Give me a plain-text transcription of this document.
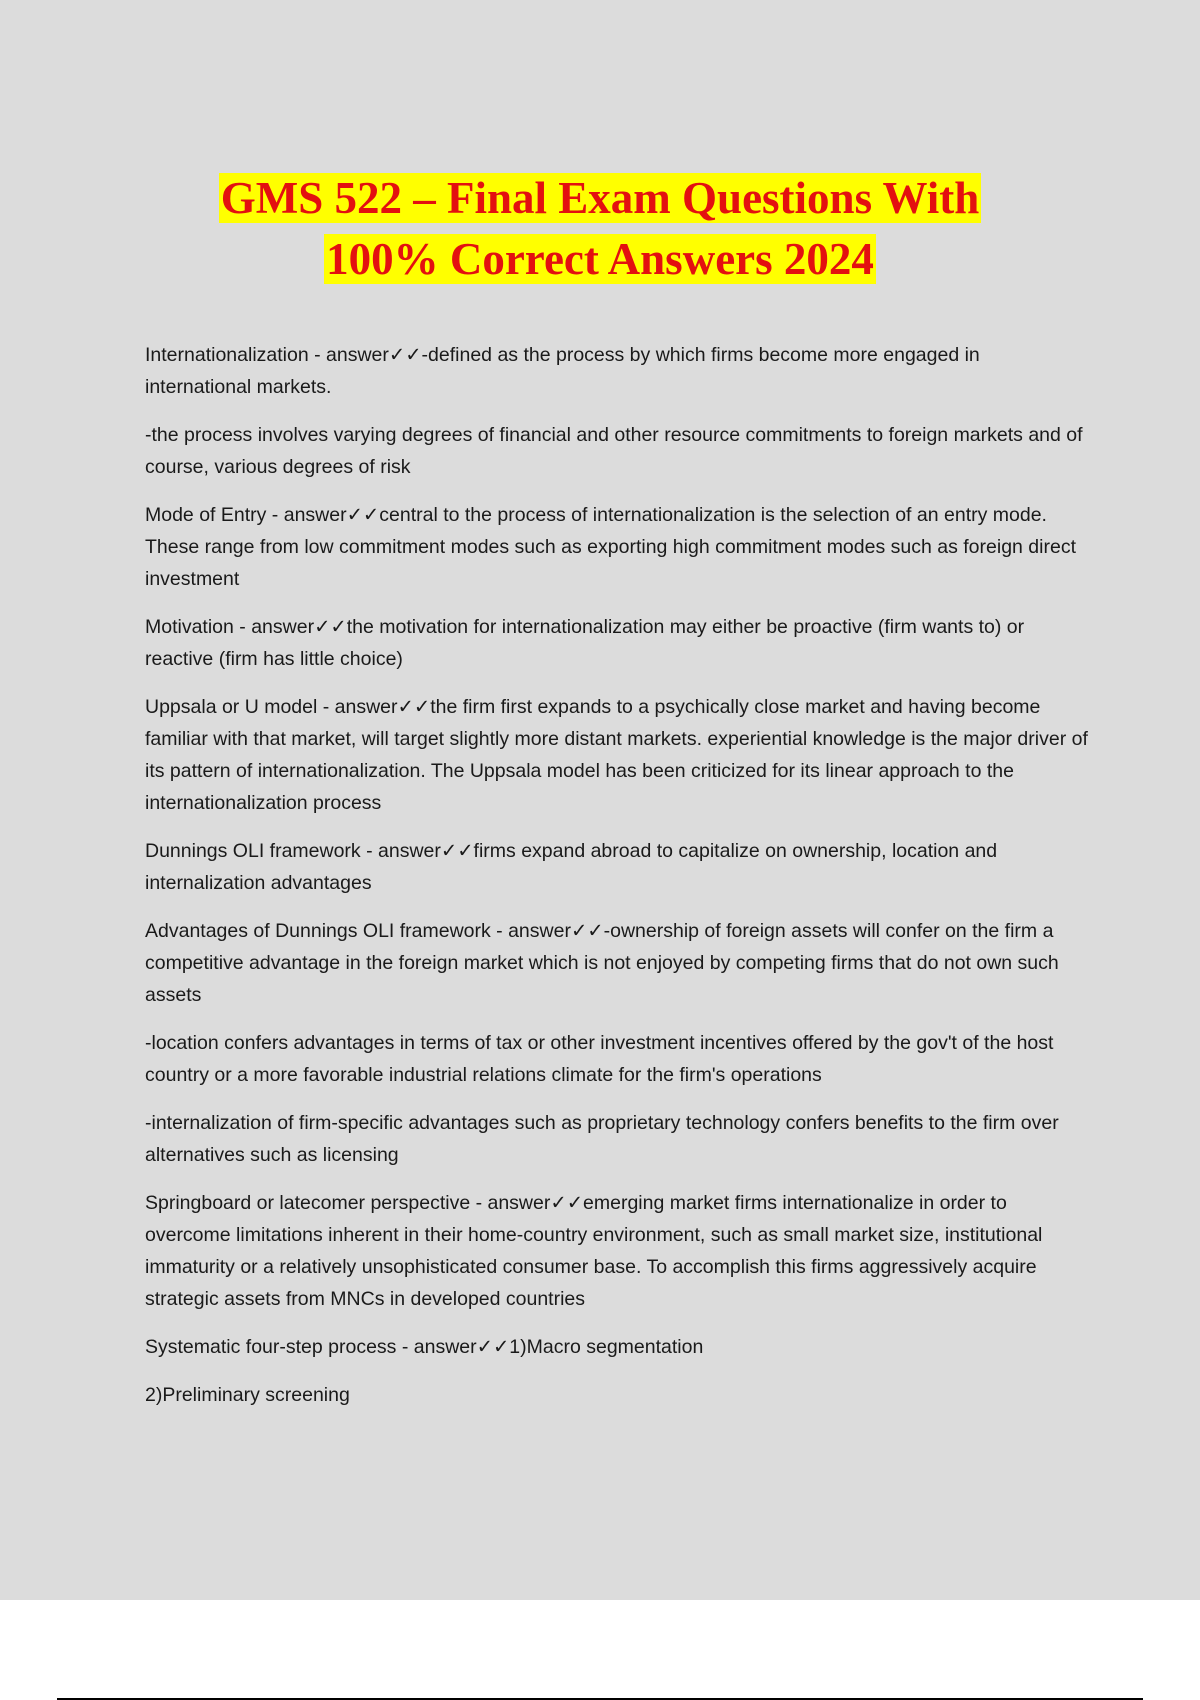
GMS 522 – Final Exam Questions With
100% Correct Answers 2024

Internationalization - answer✓✓-defined as the process by which firms become more engaged in international markets.

-the process involves varying degrees of financial and other resource commitments to foreign markets and of course, various degrees of risk

Mode of Entry - answer✓✓central to the process of internationalization is the selection of an entry mode. These range from low commitment modes such as exporting high commitment modes such as foreign direct investment

Motivation - answer✓✓the motivation for internationalization may either be proactive (firm wants to) or reactive (firm has little choice)

Uppsala or U model - answer✓✓the firm first expands to a psychically close market and having become familiar with that market, will target slightly more distant markets. experiential knowledge is the major driver of its pattern of internationalization. The Uppsala model has been criticized for its linear approach to the internationalization process

Dunnings OLI framework - answer✓✓firms expand abroad to capitalize on ownership, location and internalization advantages

Advantages of Dunnings OLI framework - answer✓✓-ownership of foreign assets will confer on the firm a competitive advantage in the foreign market which is not enjoyed by competing firms that do not own such assets

-location confers advantages in terms of tax or other investment incentives offered by the gov't of the host country or a more favorable industrial relations climate for the firm's operations

-internalization of firm-specific advantages such as proprietary technology confers benefits to the firm over alternatives such as licensing

Springboard or latecomer perspective - answer✓✓emerging market firms internationalize in order to overcome limitations inherent in their home-country environment, such as small market size, institutional immaturity or a relatively unsophisticated consumer base. To accomplish this firms aggressively acquire strategic assets from MNCs in developed countries

Systematic four-step process - answer✓✓1)Macro segmentation

2)Preliminary screening
